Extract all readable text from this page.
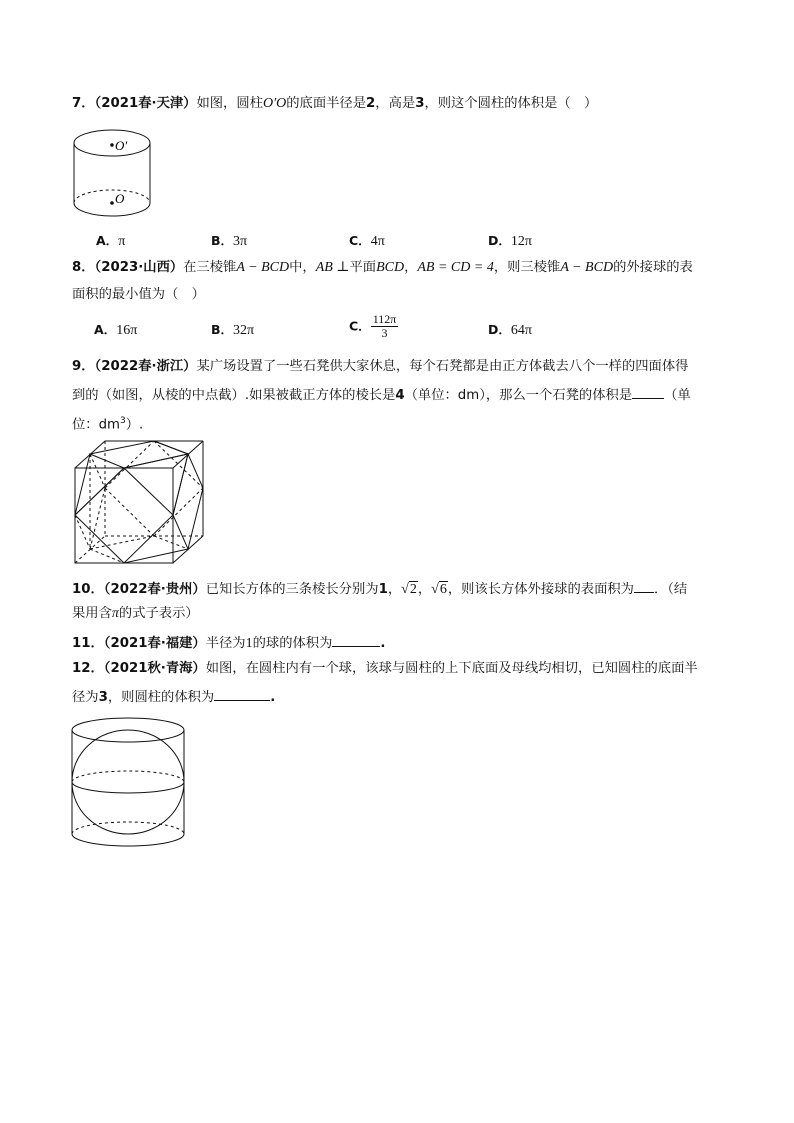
7．（2021春·天津）如图，圆柱O′O的底面半径是2，高是3，则这个圆柱的体积是（　）
O′
O
A．π	B．3π	C．4π	D．12π
8．（2023·山西）在三棱锥A − BCD中，AB ⊥平面BCD，AB = CD = 4，则三棱锥A − BCD的外接球的表
面积的最小值为（　）
A．16π	B．32π	C． $\frac{112\pi}{3}$	D．64π
9．（2022春·浙江）某广场设置了一些石凳供大家休息，每个石凳都是由正方体截去八个一样的四面体得
到的（如图，从棱的中点截）.如果被截正方体的棱长是4（单位：dm），那么一个石凳的体积是 （单
位：$dm^3$）.
10．（2022春·贵州）已知长方体的三条棱长分别为1，√2，√6，则该长方体外接球的表面积为 ．（结
果用含π的式子表示）
11．（2021春·福建）半径为1的球的体积为	.
12．（2021秋·青海）如图，在圆柱内有一个球，该球与圆柱的上下底面及母线均相切，已知圆柱的底面半
径为3，则圆柱的体积为	.
